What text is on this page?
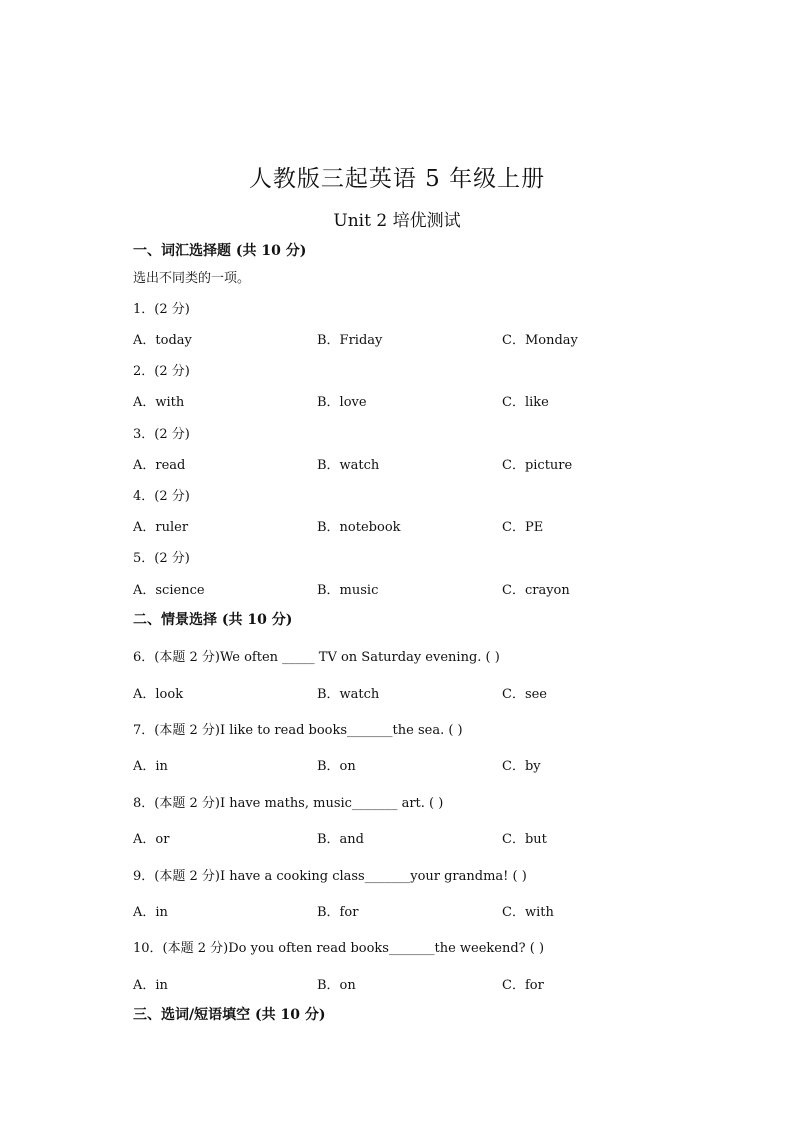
人教版三起英语 5 年级上册
Unit 2 培优测试
一、词汇选择题 (共 10 分)
选出不同类的一项。
1．(2 分)
A．today	B．Friday	C．Monday
2．(2 分)
A．with	B．love	C．like
3．(2 分)
A．read	B．watch	C．picture
4．(2 分)
A．ruler	B．notebook	C．PE
5．(2 分)
A．science	B．music	C．crayon
二、情景选择 (共 10 分)
6．(本题 2 分)We often _____ TV on Saturday evening. ( )
A．look	B．watch	C．see
7．(本题 2 分)I like to read books_______the sea. ( )
A．in	B．on	C．by
8．(本题 2 分)I have maths, music_______ art. ( )
A．or	B．and	C．but
9．(本题 2 分)I have a cooking class_______your grandma! ( )
A．in	B．for	C．with
10．(本题 2 分)Do you often read books_______the weekend? ( )
A．in	B．on	C．for
三、选词/短语填空 (共 10 分)
